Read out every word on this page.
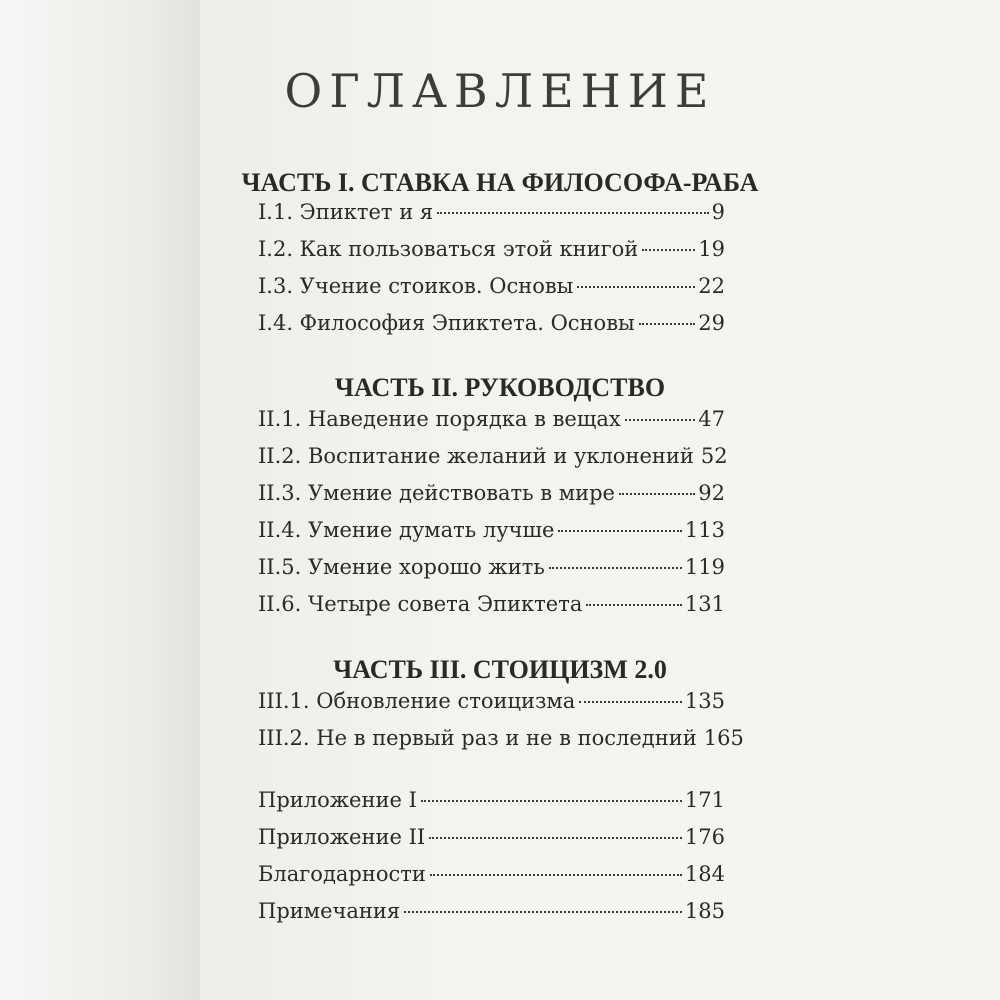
ОГЛАВЛЕНИЕ
ЧАСТЬ I. СТАВКА НА ФИЛОСОФА-РАБА
I.1. Эпиктет и я	9
I.2. Как пользоваться этой книгой	19
I.3. Учение стоиков. Основы	22
I.4. Философия Эпиктета. Основы	29
ЧАСТЬ II. РУКОВОДСТВО
II.1. Наведение порядка в вещах	47
II.2. Воспитание желаний и уклонений 52
II.3. Умение действовать в мире	92
II.4. Умение думать лучше	113
II.5. Умение хорошо жить	119
II.6. Четыре совета Эпиктета	131
ЧАСТЬ III. СТОИЦИЗМ 2.0
III.1. Обновление стоицизма	135
III.2. Не в первый раз и не в последний 165
Приложение I	171
Приложение II	176
Благодарности	184
Примечания	185
